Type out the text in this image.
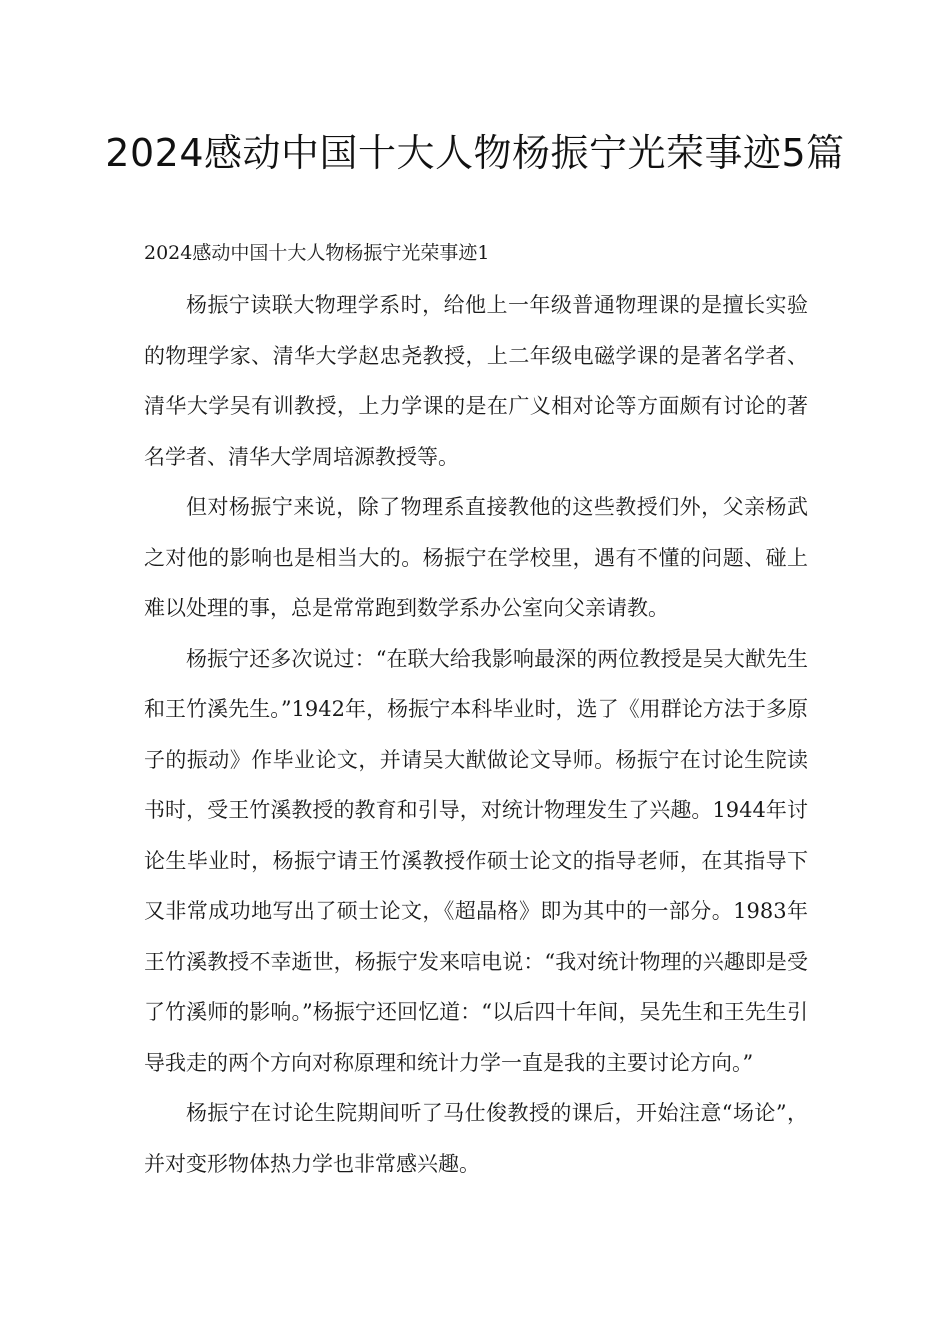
2024感动中国十大人物杨振宁光荣事迹5篇

2024感动中国十大人物杨振宁光荣事迹1

杨振宁读联大物理学系时，给他上一年级普通物理课的是擅长实验的物理学家、清华大学赵忠尧教授，上二年级电磁学课的是著名学者、清华大学吴有训教授，上力学课的是在广义相对论等方面颇有讨论的著名学者、清华大学周培源教授等。

但对杨振宁来说，除了物理系直接教他的这些教授们外，父亲杨武之对他的影响也是相当大的。杨振宁在学校里，遇有不懂的问题、碰上难以处理的事，总是常常跑到数学系办公室向父亲请教。

杨振宁还多次说过：“在联大给我影响最深的两位教授是吴大猷先生和王竹溪先生。”1942年，杨振宁本科毕业时，选了《用群论方法于多原子的振动》作毕业论文，并请吴大猷做论文导师。杨振宁在讨论生院读书时，受王竹溪教授的教育和引导，对统计物理发生了兴趣。1944年讨论生毕业时，杨振宁请王竹溪教授作硕士论文的指导老师，在其指导下又非常成功地写出了硕士论文，《超晶格》即为其中的一部分。1983年王竹溪教授不幸逝世，杨振宁发来唁电说：“我对统计物理的兴趣即是受了竹溪师的影响。”杨振宁还回忆道：“以后四十年间，吴先生和王先生引导我走的两个方向对称原理和统计力学一直是我的主要讨论方向。”

杨振宁在讨论生院期间听了马仕俊教授的课后，开始注意“场论”，并对变形物体热力学也非常感兴趣。
